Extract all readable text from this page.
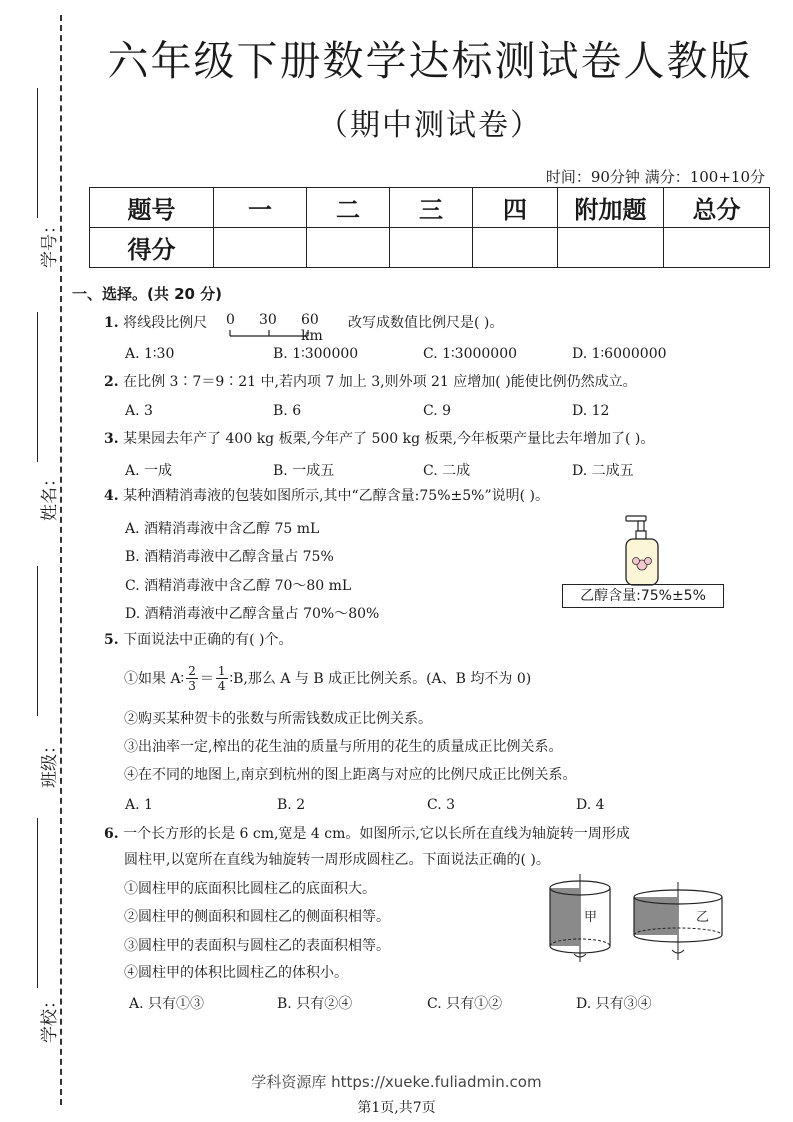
学号：
姓名：
班级：
学校：
六年级下册数学达标测试卷人教版
（期中测试卷）
时间：90分钟 满分：100+10分
题号	一	二	三	四	附加题	总分
得分						
一、选择。(共 20 分)
1. 将线段比例尺 0 30 60 km
改写成数值比例尺是( )。
A. 1∶30	B. 1∶300000	C. 1∶3000000	D. 1∶6000000
2. 在比例 3∶7＝9∶21 中,若内项 7 加上 3,则外项 21 应增加( )能使比例仍然成立。
A. 3	B. 6	C. 9	D. 12
3. 某果园去年产了 400 kg 板栗,今年产了 500 kg 板栗,今年板栗产量比去年增加了( )。
A. 一成	B. 一成五	C. 二成	D. 二成五
4. 某种酒精消毒液的包装如图所示,其中“乙醇含量:75%±5%”说明( )。
A. 酒精消毒液中含乙醇 75 mL
B. 酒精消毒液中乙醇含量占 75%
C. 酒精消毒液中含乙醇 70～80 mL
D. 酒精消毒液中乙醇含量占 70%～80%
乙醇含量:75%±5%
5. 下面说法中正确的有( )个。
①如果 A∶ $\frac{2}{3} = \frac{1}{4}$ ∶B,那么 A 与 B 成正比例关系。(A、B 均不为 0)
②购买某种贺卡的张数与所需钱数成正比例关系。
③出油率一定,榨出的花生油的质量与所用的花生的质量成正比例关系。
④在不同的地图上,南京到杭州的图上距离与对应的比例尺成正比例关系。
A. 1	B. 2	C. 3	D. 4
6. 一个长方形的长是 6 cm,宽是 4 cm。如图所示,它以长所在直线为轴旋转一周形成
圆柱甲,以宽所在直线为轴旋转一周形成圆柱乙。下面说法正确的( )。
①圆柱甲的底面积比圆柱乙的底面积大。
②圆柱甲的侧面积和圆柱乙的侧面积相等。
③圆柱甲的表面积与圆柱乙的表面积相等。
④圆柱甲的体积比圆柱乙的体积小。
A. 只有①③	B. 只有②④	C. 只有①②	D. 只有③④
甲	乙
学科资源库 https://xueke.fuliadmin.com
第1页,共7页
